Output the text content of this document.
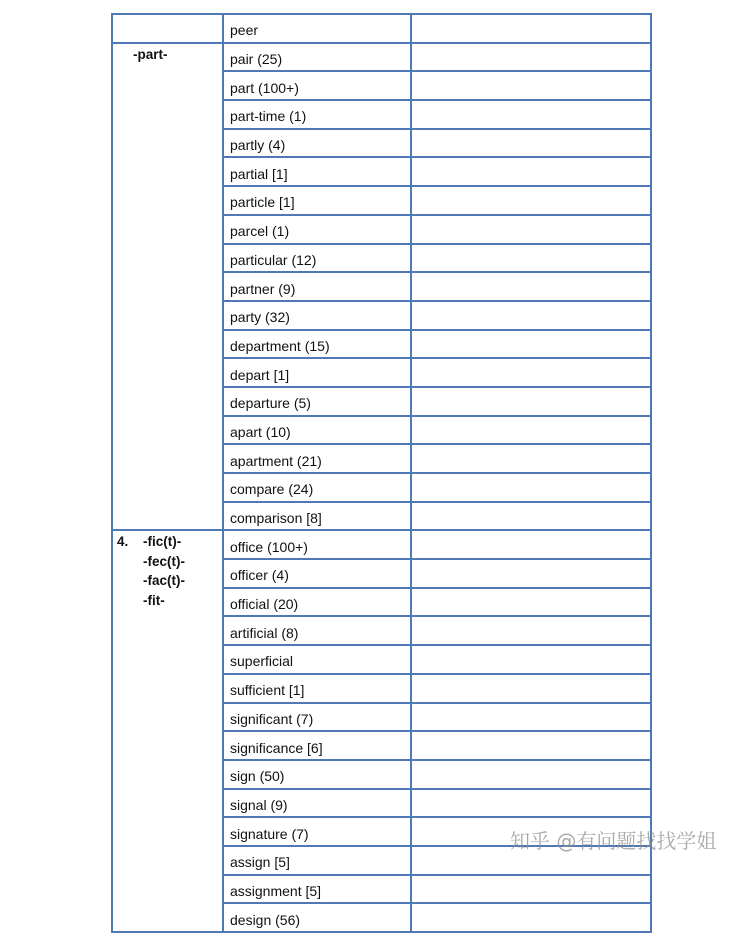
	peer	

-part-	pair (25)	
	part (100+)	
	part-time (1)	
	partly (4)	
	partial [1]	
	particle [1]	
	parcel (1)	
	particular (12)	
	partner (9)	
	party (32)	
	department (15)	
	depart [1]	
	departure (5)	
	apart (10)	
	apartment (21)	
	compare (24)	
	comparison [8]	

4. -fic(t)-
-fec(t)-
-fac(t)-
-fit-	office (100+)	
	officer (4)	
	official (20)	
	artificial (8)	
	superficial	
	sufficient [1]	
	significant (7)	
	significance [6]	
	sign (50)	
	signal (9)	
	signature (7)	
	assign [5]	
	assignment [5]	
	design (56)	
知乎 @有问题找找学姐
